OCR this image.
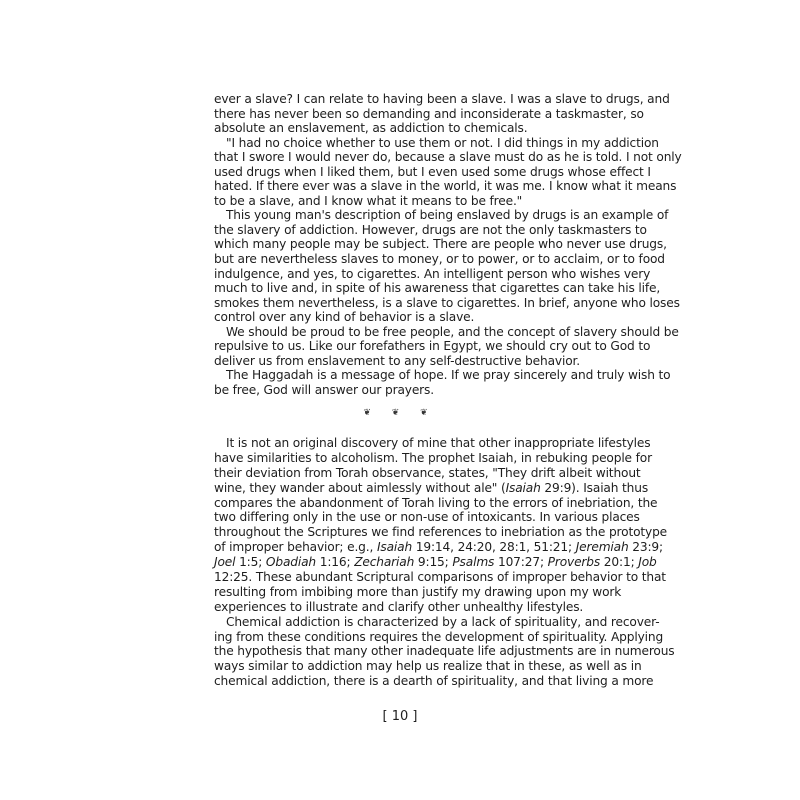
ever a slave? I can relate to having been a slave. I was a slave to drugs, and
there has never been so demanding and inconsiderate a taskmaster, so
absolute an enslavement, as addiction to chemicals.
"I had no choice whether to use them or not. I did things in my addiction
that I swore I would never do, because a slave must do as he is told. I not only
used drugs when I liked them, but I even used some drugs whose effect I
hated. If there ever was a slave in the world, it was me. I know what it means
to be a slave, and I know what it means to be free."
This young man's description of being enslaved by drugs is an example of
the slavery of addiction. However, drugs are not the only taskmasters to
which many people may be subject. There are people who never use drugs,
but are nevertheless slaves to money, or to power, or to acclaim, or to food
indulgence, and yes, to cigarettes. An intelligent person who wishes very
much to live and, in spite of his awareness that cigarettes can take his life,
smokes them nevertheless, is a slave to cigarettes. In brief, anyone who loses
control over any kind of behavior is a slave.
We should be proud to be free people, and the concept of slavery should be
repulsive to us. Like our forefathers in Egypt, we should cry out to God to
deliver us from enslavement to any self-destructive behavior.
The Haggadah is a message of hope. If we pray sincerely and truly wish to
be free, God will answer our prayers.
❦ ❦ ❦
It is not an original discovery of mine that other inappropriate lifestyles
have similarities to alcoholism. The prophet Isaiah, in rebuking people for
their deviation from Torah observance, states, "They drift albeit without
wine, they wander about aimlessly without ale" (Isaiah 29:9). Isaiah thus
compares the abandonment of Torah living to the errors of inebriation, the
two differing only in the use or non-use of intoxicants. In various places
throughout the Scriptures we find references to inebriation as the prototype
of improper behavior; e.g., Isaiah 19:14, 24:20, 28:1, 51:21; Jeremiah 23:9;
Joel 1:5; Obadiah 1:16; Zechariah 9:15; Psalms 107:27; Proverbs 20:1; Job
12:25. These abundant Scriptural comparisons of improper behavior to that
resulting from imbibing more than justify my drawing upon my work
experiences to illustrate and clarify other unhealthy lifestyles.
Chemical addiction is characterized by a lack of spirituality, and recover-
ing from these conditions requires the development of spirituality. Applying
the hypothesis that many other inadequate life adjustments are in numerous
ways similar to addiction may help us realize that in these, as well as in
chemical addiction, there is a dearth of spirituality, and that living a more
[ 10 ]
